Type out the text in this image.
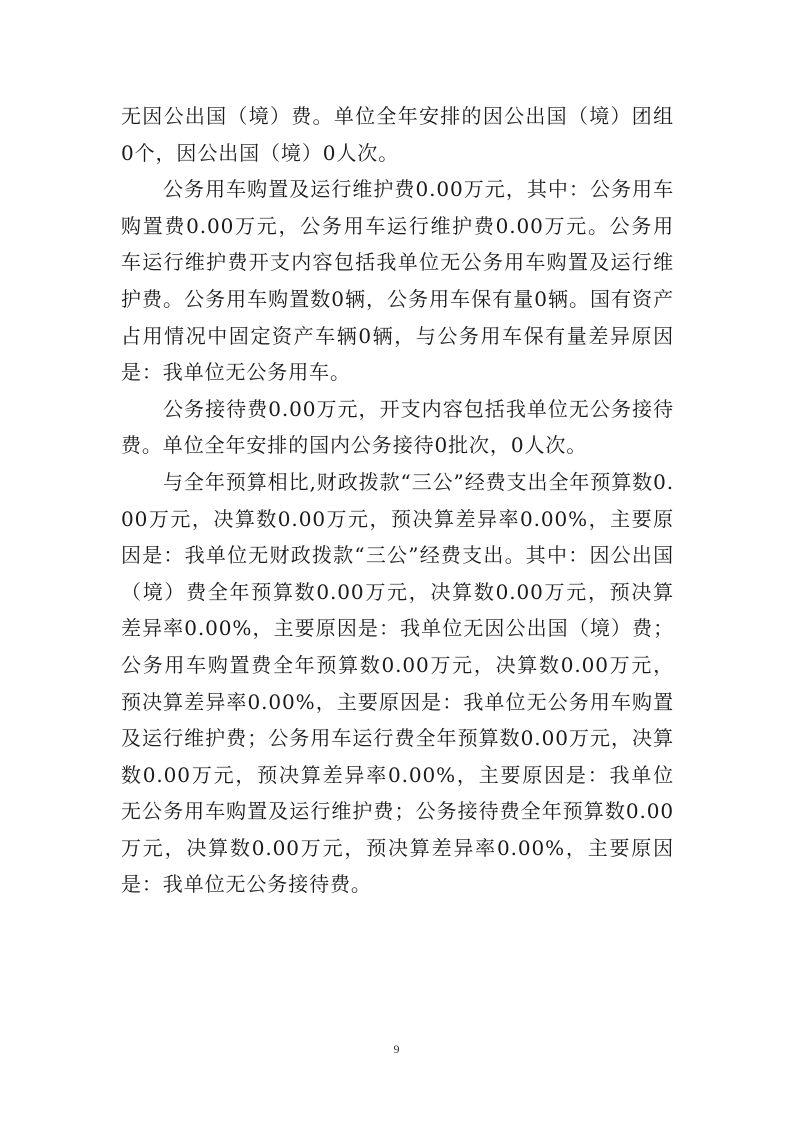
无因公出国（境）费。单位全年安排的因公出国（境）团组0个，因公出国（境）0人次。

公务用车购置及运行维护费0.00万元，其中：公务用车购置费0.00万元，公务用车运行维护费0.00万元。公务用车运行维护费开支内容包括我单位无公务用车购置及运行维护费。公务用车购置数0辆，公务用车保有量0辆。国有资产占用情况中固定资产车辆0辆，与公务用车保有量差异原因是：我单位无公务用车。

公务接待费0.00万元，开支内容包括我单位无公务接待费。单位全年安排的国内公务接待0批次，0人次。

与全年预算相比,财政拨款“三公”经费支出全年预算数0.00万元，决算数0.00万元，预决算差异率0.00%，主要原因是：我单位无财政拨款“三公”经费支出。其中：因公出国（境）费全年预算数0.00万元，决算数0.00万元，预决算差异率0.00%，主要原因是：我单位无因公出国（境）费；公务用车购置费全年预算数0.00万元，决算数0.00万元，预决算差异率0.00%，主要原因是：我单位无公务用车购置及运行维护费；公务用车运行费全年预算数0.00万元，决算数0.00万元，预决算差异率0.00%，主要原因是：我单位无公务用车购置及运行维护费；公务接待费全年预算数0.00万元，决算数0.00万元，预决算差异率0.00%，主要原因是：我单位无公务接待费。

9
